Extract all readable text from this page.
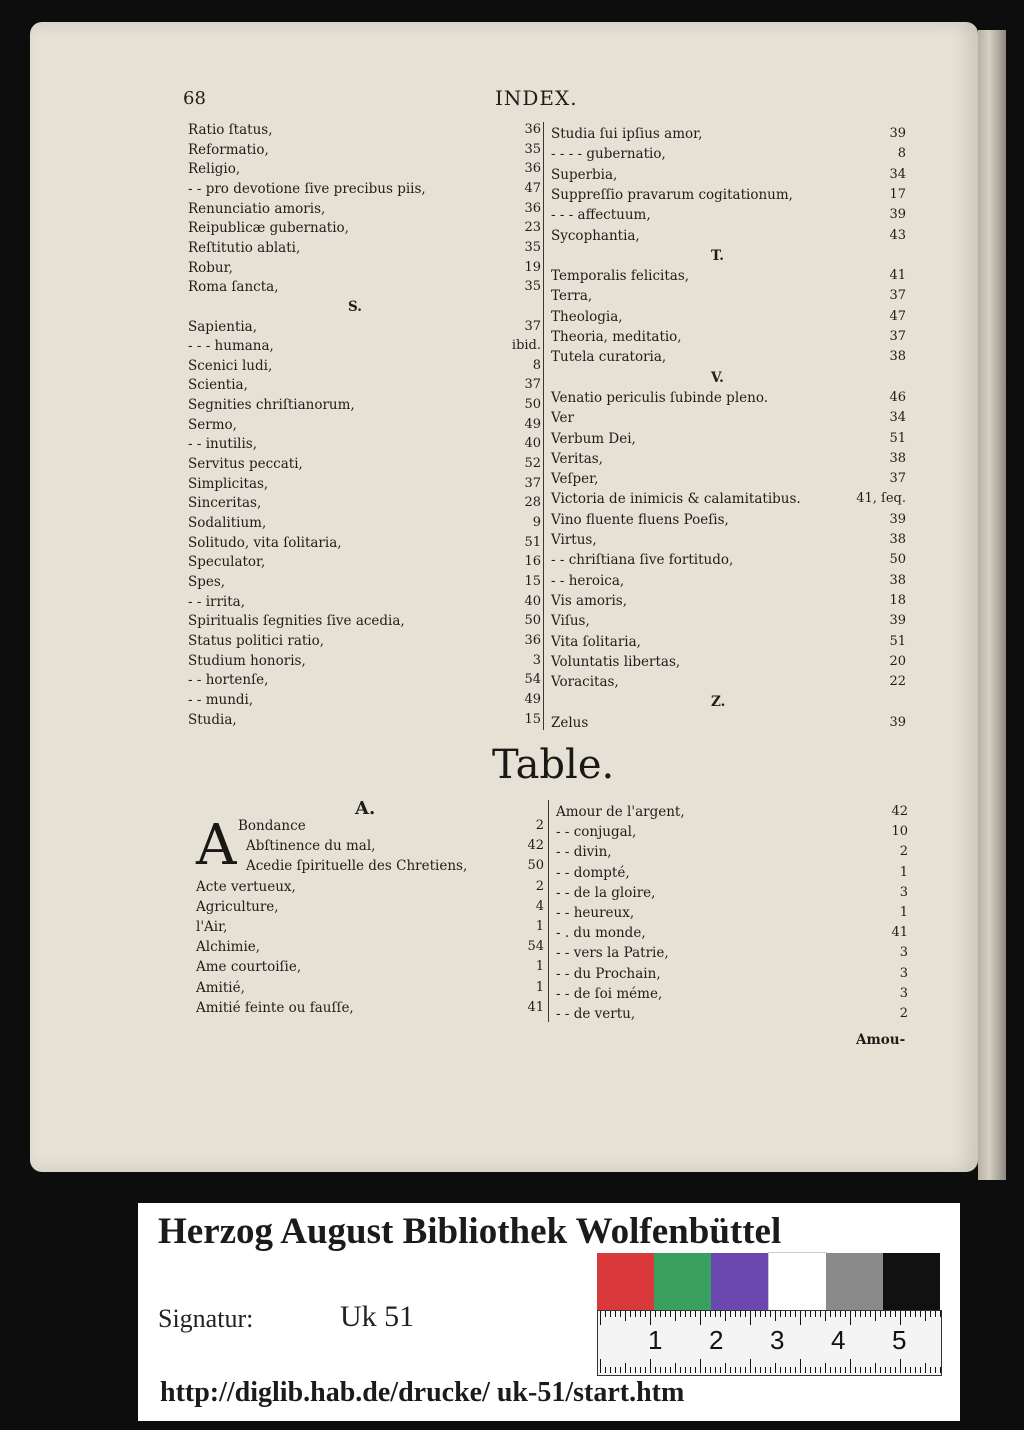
68	INDEX.
Ratio ſtatus,	36
Reformatio,	35
Religio,	36
- - pro devotione ſive precibus piis,	47
Renunciatio amoris,	36
Reipublicæ gubernatio,	23
Reſtitutio ablati,	35
Robur,	19
Roma ſancta,	35
S.
Sapientia,	37
- - - humana,	ibid.
Scenici ludi,	8
Scientia,	37
Segnities chriſtianorum,	50
Sermo,	49
- - inutilis,	40
Servitus peccati,	52
Simplicitas,	37
Sinceritas,	28
Sodalitium,	9
Solitudo, vita ſolitaria,	51
Speculator,	16
Spes,	15
- - irrita,	40
Spiritualis ſegnities ſive acedia,	50
Status politici ratio,	36
Studium honoris,	3
- - hortenſe,	54
- - mundi,	49
Studia,	15
Studia ſui ipſius amor,	39
- - - - gubernatio,	8
Superbia,	34
Suppreſſio pravarum cogitationum,	17
- - - affectuum,	39
Sycophantia,	43
T.
Temporalis felicitas,	41
Terra,	37
Theologia,	47
Theoria, meditatio,	37
Tutela curatoria,	38
V.
Venatio periculis ſubinde pleno.	46
Ver	34
Verbum Dei,	51
Veritas,	38
Veſper,	37
Victoria de inimicis & calamitatibus.	41, ſeq.
Vino fluente fluens Poeſis,	39
Virtus,	38
- - chriſtiana ſive fortitudo,	50
- - heroica,	38
Vis amoris,	18
Viſus,	39
Vita ſolitaria,	51
Voluntatis libertas,	20
Voracitas,	22
Z.
Zelus	39
Table.
A.
A Bondance	2
Abſtinence du mal,	42
Acedie ſpirituelle des Chretiens,	50
Acte vertueux,	2
Agriculture,	4
l'Air,	1
Alchimie,	54
Ame courtoiſie,	1
Amitié,	1
Amitié feinte ou fauſſe,	41
Amour de l'argent,	42
- - conjugal,	10
- - divin,	2
- - dompté,	1
- - de la gloire,	3
- - heureux,	1
- . du monde,	41
- - vers la Patrie,	3
- - du Prochain,	3
- - de ſoi méme,	3
- - de vertu,	2
Amou-
Herzog August Bibliothek Wolfenbüttel
Signatur:	Uk 51
http://diglib.hab.de/drucke/ uk-51/start.htm
1 2 3 4 5
